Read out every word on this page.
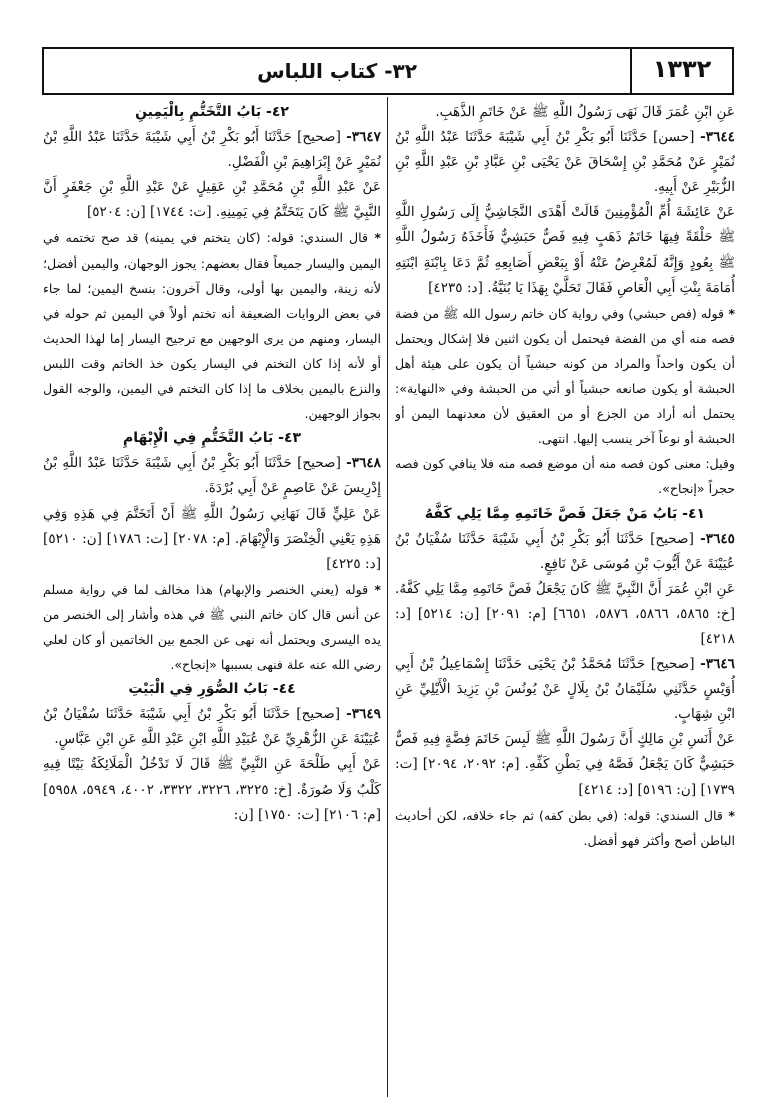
٣٢- كتاب اللباس	١٣٣٢

عَنِ ابْنِ عُمَرَ قَالَ نَهَى رَسُولُ اللَّهِ ﷺ عَنْ خَاتَمِ الذَّهَبِ.

٣٦٤٤- [حسن] حَدَّثَنَا أَبُو بَكْرِ بْنُ أَبِي شَيْبَةَ حَدَّثَنَا عَبْدُ اللَّهِ بْنُ نُمَيْرٍ عَنْ مُحَمَّدِ بْنِ إِسْحَاقَ عَنْ يَحْيَى بْنِ عَبَّادِ بْنِ عَبْدِ اللَّهِ بْنِ الزُّبَيْرِ عَنْ أَبِيهِ.

عَنْ عَائِشَةَ أُمِّ الْمُؤْمِنِينَ قَالَتْ أَهْدَى النَّجَاشِيُّ إِلَى رَسُولِ اللَّهِ ﷺ حَلْقَةً فِيهَا خَاتَمُ ذَهَبٍ فِيهِ فَصٌّ حَبَشِيٌّ فَأَخَذَهُ رَسُولُ اللَّهِ ﷺ بِعُودٍ وَإِنَّهُ لَمُعْرِضٌ عَنْهُ أَوْ بِبَعْضِ أَصَابِعِهِ ثُمَّ دَعَا بِابْنَةِ ابْنَتِهِ أُمَامَةَ بِنْتِ أَبِي الْعَاصِ فَقَالَ تَحَلَّيْ بِهَذَا يَا بُنَيَّةُ. [د: ٤٢٣٥]

* قوله (فص حبشي) وفي رواية كان خاتم رسول الله ﷺ من فضة فصه منه أي من الفضة فيحتمل أن يكون اثنين فلا إشكال ويحتمل أن يكون واحداً والمراد من كونه حبشياً أن يكون على هيئة أهل الحبشة أو يكون صانعه حبشياً أو أتي من الحبشة وفي «النهاية»: يحتمل أنه أراد من الجزع أو من العقيق لأن معدنهما اليمن أو الحبشة أو نوعاً آخر ينسب إليها. انتهى.

وقيل: معنى كون فصه منه أن موضع فصه منه فلا ينافي كون فصه حجراً «إنجاح».

٤١- بَابُ مَنْ جَعَلَ فَصَّ خَاتَمِهِ مِمَّا يَلِي كَفَّهُ

٣٦٤٥- [صحيح] حَدَّثَنَا أَبُو بَكْرِ بْنُ أَبِي شَيْبَةَ حَدَّثَنَا سُفْيَانُ بْنُ عُيَيْنَةَ عَنْ أَيُّوبَ بْنِ مُوسَى عَنْ نَافِعٍ.

عَنِ ابْنِ عُمَرَ أَنَّ النَّبِيَّ ﷺ كَانَ يَجْعَلُ فَصَّ خَاتَمِهِ مِمَّا يَلِي كَفَّهُ. [خ: ٥٨٦٥، ٥٨٦٦، ٥٨٧٦، ٦٦٥١] [م: ٢٠٩١] [ن: ٥٢١٤] [د: ٤٢١٨]

٣٦٤٦- [صحيح] حَدَّثَنَا مُحَمَّدُ بْنُ يَحْيَى حَدَّثَنَا إِسْمَاعِيلُ بْنُ أَبِي أُوَيْسٍ حَدَّثَنِي سُلَيْمَانُ بْنُ بِلَالٍ عَنْ يُونُسَ بْنِ يَزِيدَ الْأَيْلِيِّ عَنِ ابْنِ شِهَابٍ.

عَنْ أَنَسِ بْنِ مَالِكٍ أَنَّ رَسُولَ اللَّهِ ﷺ لَبِسَ خَاتَمَ فِضَّةٍ فِيهِ فَصٌّ حَبَشِيٌّ كَانَ يَجْعَلُ فَصَّهُ فِي بَطْنِ كَفِّهِ. [م: ٢٠٩٢، ٢٠٩٤] [ت: ١٧٣٩] [ن: ٥١٩٦] [د: ٤٢١٤]

* قال السندي: قوله: (في بطن كفه) ثم جاء خلافه، لكن أحاديث الباطن أصح وأكثر فهو أفضل.

٤٢- بَابُ التَّخَتُّمِ بِالْيَمِينِ

٣٦٤٧- [صحيح] حَدَّثَنَا أَبُو بَكْرِ بْنُ أَبِي شَيْبَةَ حَدَّثَنَا عَبْدُ اللَّهِ بْنُ نُمَيْرٍ عَنْ إِبْرَاهِيمَ بْنِ الْفَضْلِ.

عَنْ عَبْدِ اللَّهِ بْنِ مُحَمَّدِ بْنِ عَقِيلٍ عَنْ عَبْدِ اللَّهِ بْنِ جَعْفَرٍ أَنَّ النَّبِيَّ ﷺ كَانَ يَتَخَتَّمُ فِي يَمِينِهِ. [ت: ١٧٤٤] [ن: ٥٢٠٤]

* قال السندي: قوله: (كان يتختم في يمينه) قد صح تختمه في اليمين واليسار جميعاً فقال بعضهم: يجوز الوجهان، واليمين أفضل؛ لأنه زينة، واليمين بها أولى، وقال آخرون: بنسخ اليمين؛ لما جاء في بعض الروايات الضعيفة أنه تختم أولاً في اليمين ثم حوله في اليسار، ومنهم من يرى الوجهين مع ترجيح اليسار إما لهذا الحديث أو لأنه إذا كان التختم في اليسار يكون خذ الخاتم وقت اللبس والنزع باليمين بخلاف ما إذا كان التختم في اليمين، والوجه القول بجواز الوجهين.

٤٣- بَابُ التَّخَتُّمِ فِي الْإِبْهَامِ

٣٦٤٨- [صحيح] حَدَّثَنَا أَبُو بَكْرِ بْنُ أَبِي شَيْبَةَ حَدَّثَنَا عَبْدُ اللَّهِ بْنُ إِدْرِيسَ عَنْ عَاصِمٍ عَنْ أَبِي بُرْدَةَ.

عَنْ عَلِيٍّ قَالَ نَهَانِي رَسُولُ اللَّهِ ﷺ أَنْ أَتَخَتَّمَ فِي هَذِهِ وَفِي هَذِهِ يَعْنِي الْخِنْصَرَ وَالْإِبْهَامَ. [م: ٢٠٧٨] [ت: ١٧٨٦] [ن: ٥٢١٠] [د: ٤٢٢٥]

* قوله (يعني الخنصر والإبهام) هذا مخالف لما في رواية مسلم عن أنس قال كان خاتم النبي ﷺ في هذه وأشار إلى الخنصر من يده اليسرى ويحتمل أنه نهى عن الجمع بين الخاتمين أو كان لعلي رضي الله عنه علة فنهى بسببها «إنجاح».

٤٤- بَابُ الصُّوَرِ فِي الْبَيْتِ

٣٦٤٩- [صحيح] حَدَّثَنَا أَبُو بَكْرِ بْنُ أَبِي شَيْبَةَ حَدَّثَنَا سُفْيَانُ بْنُ عُيَيْنَةَ عَنِ الزُّهْرِيِّ عَنْ عُبَيْدِ اللَّهِ ابْنِ عَبْدِ اللَّهِ عَنِ ابْنِ عَبَّاسٍ.

عَنْ أَبِي طَلْحَةَ عَنِ النَّبِيِّ ﷺ قَالَ لَا تَدْخُلُ الْمَلَائِكَةُ بَيْتًا فِيهِ كَلْبٌ وَلَا صُورَةٌ. [خ: ٣٢٢٥، ٣٢٢٦، ٣٣٢٢، ٤٠٠٢، ٥٩٤٩، ٥٩٥٨] [م: ٢١٠٦] [ت: ١٧٥٠] [ن:
